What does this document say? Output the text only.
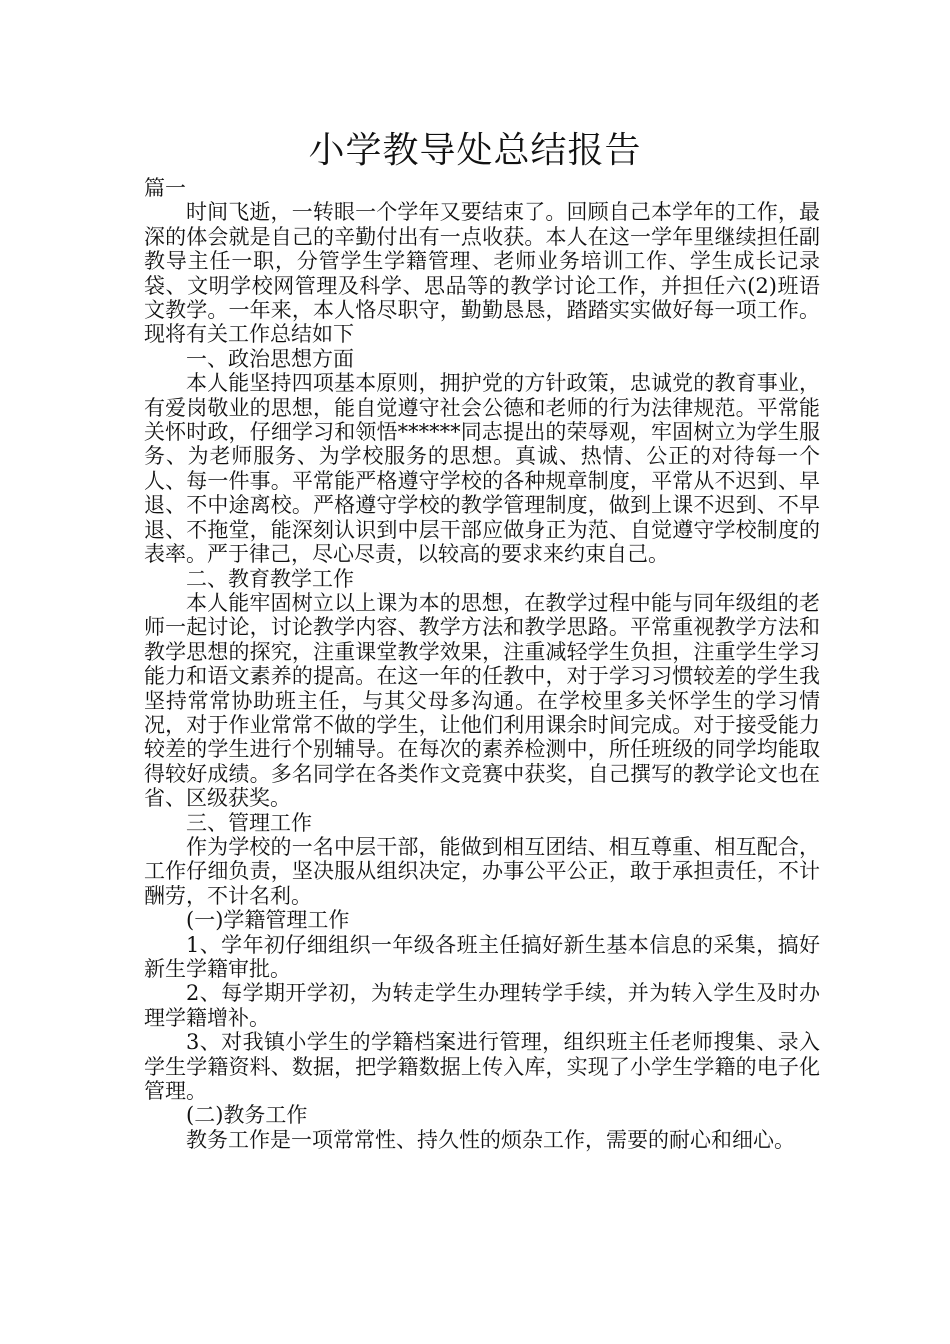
小学教导处总结报告

篇一

时间飞逝，一转眼一个学年又要结束了。回顾自己本学年的工作，最深的体会就是自己的辛勤付出有一点收获。本人在这一学年里继续担任副教导主任一职，分管学生学籍管理、老师业务培训工作、学生成长记录袋、文明学校网管理及科学、思品等的教学讨论工作，并担任六(2)班语文教学。一年来，本人恪尽职守，勤勤恳恳，踏踏实实做好每一项工作。现将有关工作总结如下

一、政治思想方面

本人能坚持四项基本原则，拥护党的方针政策，忠诚党的教育事业，有爱岗敬业的思想，能自觉遵守社会公德和老师的行为法律规范。平常能关怀时政，仔细学习和领悟******同志提出的荣辱观，牢固树立为学生服务、为老师服务、为学校服务的思想。真诚、热情、公正的对待每一个人、每一件事。平常能严格遵守学校的各种规章制度，平常从不迟到、早退、不中途离校。严格遵守学校的教学管理制度，做到上课不迟到、不早退、不拖堂，能深刻认识到中层干部应做身正为范、自觉遵守学校制度的表率。严于律己，尽心尽责，以较高的要求来约束自己。

二、教育教学工作

本人能牢固树立以上课为本的思想，在教学过程中能与同年级组的老师一起讨论，讨论教学内容、教学方法和教学思路。平常重视教学方法和教学思想的探究，注重课堂教学效果，注重减轻学生负担，注重学生学习能力和语文素养的提高。在这一年的任教中，对于学习习惯较差的学生我坚持常常协助班主任，与其父母多沟通。在学校里多关怀学生的学习情况，对于作业常常不做的学生，让他们利用课余时间完成。对于接受能力较差的学生进行个别辅导。在每次的素养检测中，所任班级的同学均能取得较好成绩。多名同学在各类作文竞赛中获奖，自己撰写的教学论文也在省、区级获奖。

三、管理工作

作为学校的一名中层干部，能做到相互团结、相互尊重、相互配合，工作仔细负责，坚决服从组织决定，办事公平公正，敢于承担责任，不计酬劳，不计名利。

(一)学籍管理工作

1、学年初仔细组织一年级各班主任搞好新生基本信息的采集，搞好新生学籍审批。

2、每学期开学初，为转走学生办理转学手续，并为转入学生及时办理学籍增补。

3、对我镇小学生的学籍档案进行管理，组织班主任老师搜集、录入学生学籍资料、数据，把学籍数据上传入库，实现了小学生学籍的电子化管理。

(二)教务工作

教务工作是一项常常性、持久性的烦杂工作，需要的耐心和细心。
